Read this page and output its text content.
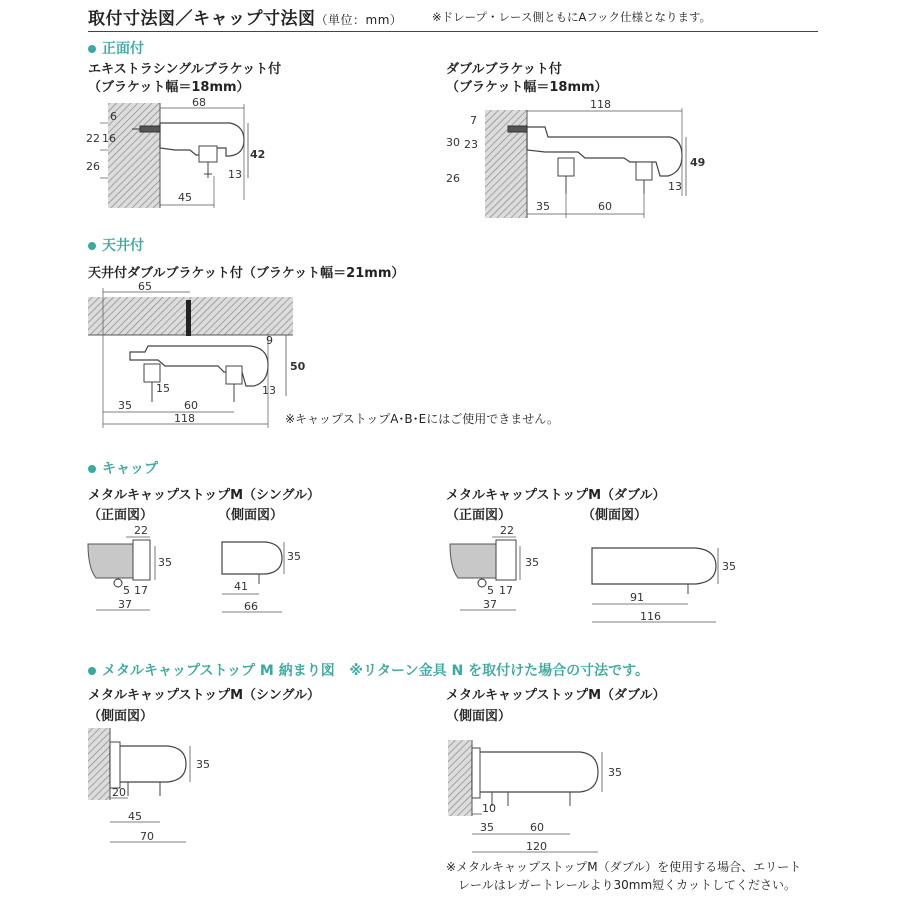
取付寸法図／キャップ寸法図（単位：mm）	※ドレープ・レース側ともにAフック仕様となります。
正面付
エキストラシングルブラケット付
（ブラケット幅＝18mm）
ダブルブラケット付
（ブラケット幅＝18mm）
天井付
天井付ダブルブラケット付（ブラケット幅＝21mm）
※キャップストップA･B･Eにはご使用できません。
キャップ
メタルキャップストップM（シングル）
（正面図）	（側面図）
メタルキャップストップM（ダブル）
（正面図）	（側面図）
メタルキャップストップ M 納まり図 ※リターン金具 N を取付けた場合の寸法です。
メタルキャップストップM（シングル）
（側面図）
メタルキャップストップM（ダブル）
（側面図）
※メタルキャップストップM（ダブル）を使用する場合、エリート
　レールはレガートレールより30mm短くカットしてください。
68
6
22 16
26
42
13
45
118
7
30 23
26
49
13
35	60
65
9
50
13
15
35	60
118
22
35
5 17
37
35
41
66
22
35
5 17
37
35
91
116
35
20
45
70
35
10
35	60
120
